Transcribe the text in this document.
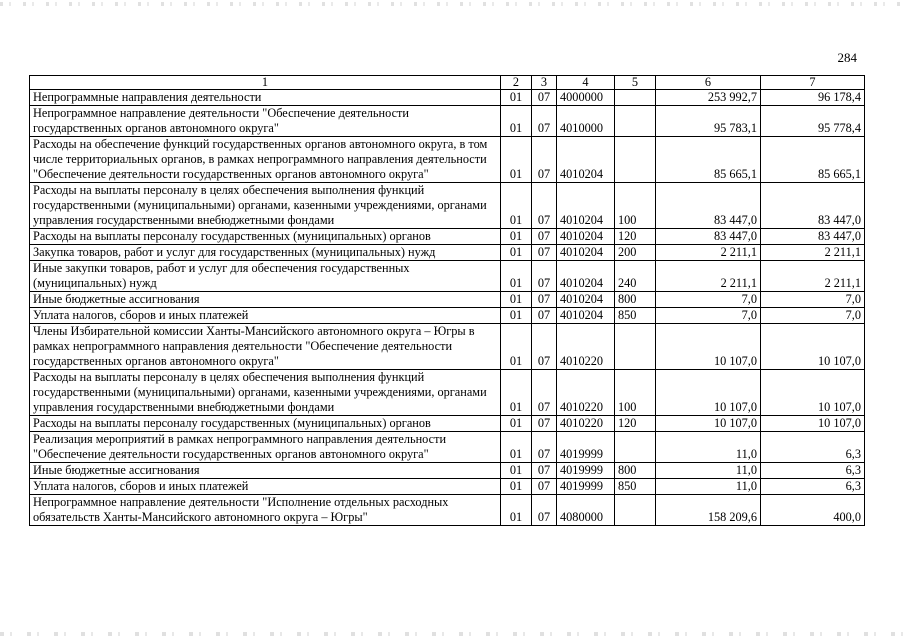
284
1	2	3	4	5	6	7
Непрограммные направления деятельности	01	07	4000000		253 992,7	96 178,4
Непрограммное направление деятельности "Обеспечение деятельности государственных органов автономного округа"	01	07	4010000		95 783,1	95 778,4
Расходы на обеспечение функций государственных органов автономного округа, в том числе территориальных органов, в рамках непрограммного направления деятельности "Обеспечение деятельности государственных органов автономного округа"	01	07	4010204		85 665,1	85 665,1
Расходы на выплаты персоналу в целях обеспечения выполнения функций государственными (муниципальными) органами, казенными учреждениями, органами управления государственными внебюджетными фондами	01	07	4010204	100	83 447,0	83 447,0
Расходы на выплаты персоналу государственных (муниципальных) органов	01	07	4010204	120	83 447,0	83 447,0
Закупка товаров, работ и услуг для государственных (муниципальных) нужд	01	07	4010204	200	2 211,1	2 211,1
Иные закупки товаров, работ и услуг для обеспечения государственных (муниципальных) нужд	01	07	4010204	240	2 211,1	2 211,1
Иные бюджетные ассигнования	01	07	4010204	800	7,0	7,0
Уплата налогов, сборов и иных платежей	01	07	4010204	850	7,0	7,0
Члены Избирательной комиссии Ханты-Мансийского автономного округа – Югры в рамках непрограммного направления деятельности "Обеспечение деятельности государственных органов автономного округа"	01	07	4010220		10 107,0	10 107,0
Расходы на выплаты персоналу в целях обеспечения выполнения функций государственными (муниципальными) органами, казенными учреждениями, органами управления государственными внебюджетными фондами	01	07	4010220	100	10 107,0	10 107,0
Расходы на выплаты персоналу государственных (муниципальных) органов	01	07	4010220	120	10 107,0	10 107,0
Реализация мероприятий в рамках непрограммного направления деятельности "Обеспечение деятельности государственных органов автономного округа"	01	07	4019999		11,0	6,3
Иные бюджетные ассигнования	01	07	4019999	800	11,0	6,3
Уплата налогов, сборов и иных платежей	01	07	4019999	850	11,0	6,3
Непрограммное направление деятельности "Исполнение отдельных расходных обязательств Ханты-Мансийского автономного округа – Югры"	01	07	4080000		158 209,6	400,0
